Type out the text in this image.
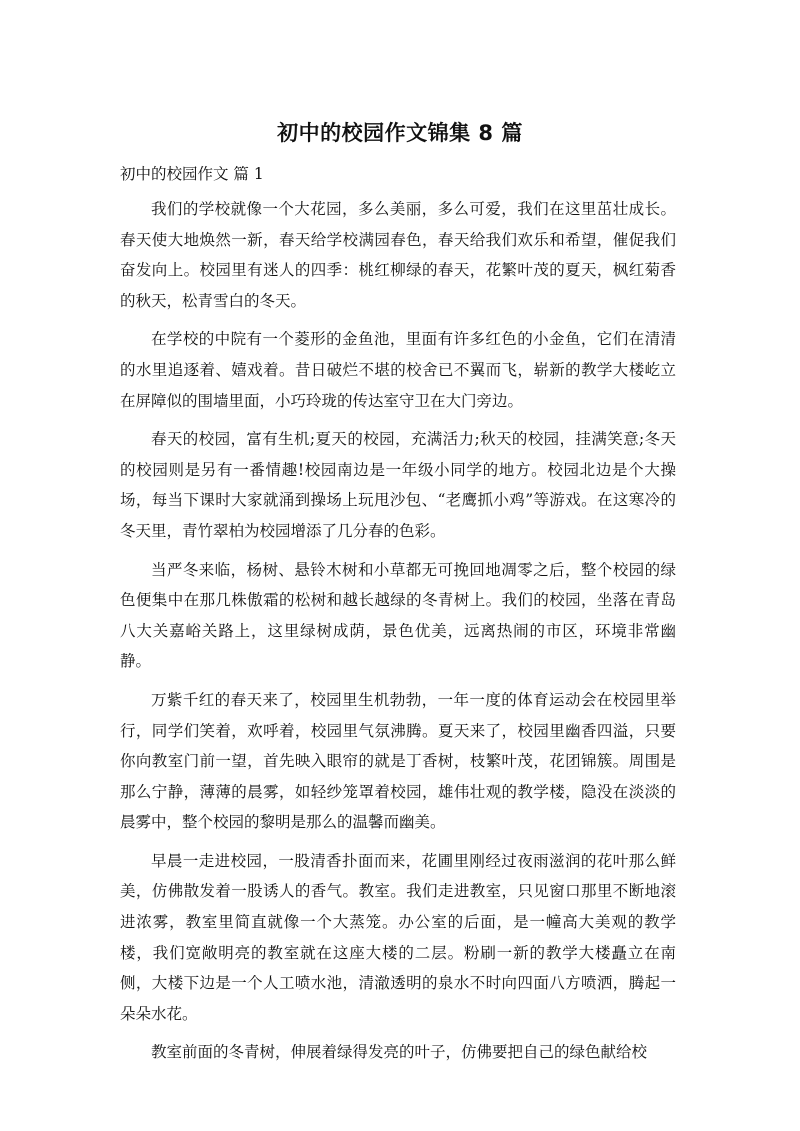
初中的校园作文锦集 8 篇

初中的校园作文 篇 1

我们的学校就像一个大花园，多么美丽，多么可爱，我们在这里茁壮成长。春天使大地焕然一新，春天给学校满园春色，春天给我们欢乐和希望，催促我们奋发向上。校园里有迷人的四季：桃红柳绿的春天，花繁叶茂的夏天，枫红菊香的秋天，松青雪白的冬天。

在学校的中院有一个菱形的金鱼池，里面有许多红色的小金鱼，它们在清清的水里追逐着、嬉戏着。昔日破烂不堪的校舍已不翼而飞，崭新的教学大楼屹立在屏障似的围墙里面，小巧玲珑的传达室守卫在大门旁边。

春天的校园，富有生机;夏天的校园，充满活力;秋天的校园，挂满笑意;冬天的校园则是另有一番情趣!校园南边是一年级小同学的地方。校园北边是个大操场，每当下课时大家就涌到操场上玩甩沙包、“老鹰抓小鸡”等游戏。在这寒冷的冬天里，青竹翠柏为校园增添了几分春的色彩。

当严冬来临，杨树、悬铃木树和小草都无可挽回地凋零之后，整个校园的绿色便集中在那几株傲霜的松树和越长越绿的冬青树上。我们的校园，坐落在青岛八大关嘉峪关路上，这里绿树成荫，景色优美，远离热闹的市区，环境非常幽静。

万紫千红的春天来了，校园里生机勃勃，一年一度的体育运动会在校园里举行，同学们笑着，欢呼着，校园里气氛沸腾。夏天来了，校园里幽香四溢，只要你向教室门前一望，首先映入眼帘的就是丁香树，枝繁叶茂，花团锦簇。周围是那么宁静，薄薄的晨雾，如轻纱笼罩着校园，雄伟壮观的教学楼，隐没在淡淡的晨雾中，整个校园的黎明是那么的温馨而幽美。

早晨一走进校园，一股清香扑面而来，花圃里刚经过夜雨滋润的花叶那么鲜美，仿佛散发着一股诱人的香气。教室。我们走进教室，只见窗口那里不断地滚进浓雾，教室里简直就像一个大蒸笼。办公室的后面，是一幢高大美观的教学楼，我们宽敞明亮的教室就在这座大楼的二层。粉刷一新的教学大楼矗立在南侧，大楼下边是一个人工喷水池，清澈透明的泉水不时向四面八方喷洒，腾起一朵朵水花。

教室前面的冬青树，伸展着绿得发亮的叶子，仿佛要把自己的绿色献给校
